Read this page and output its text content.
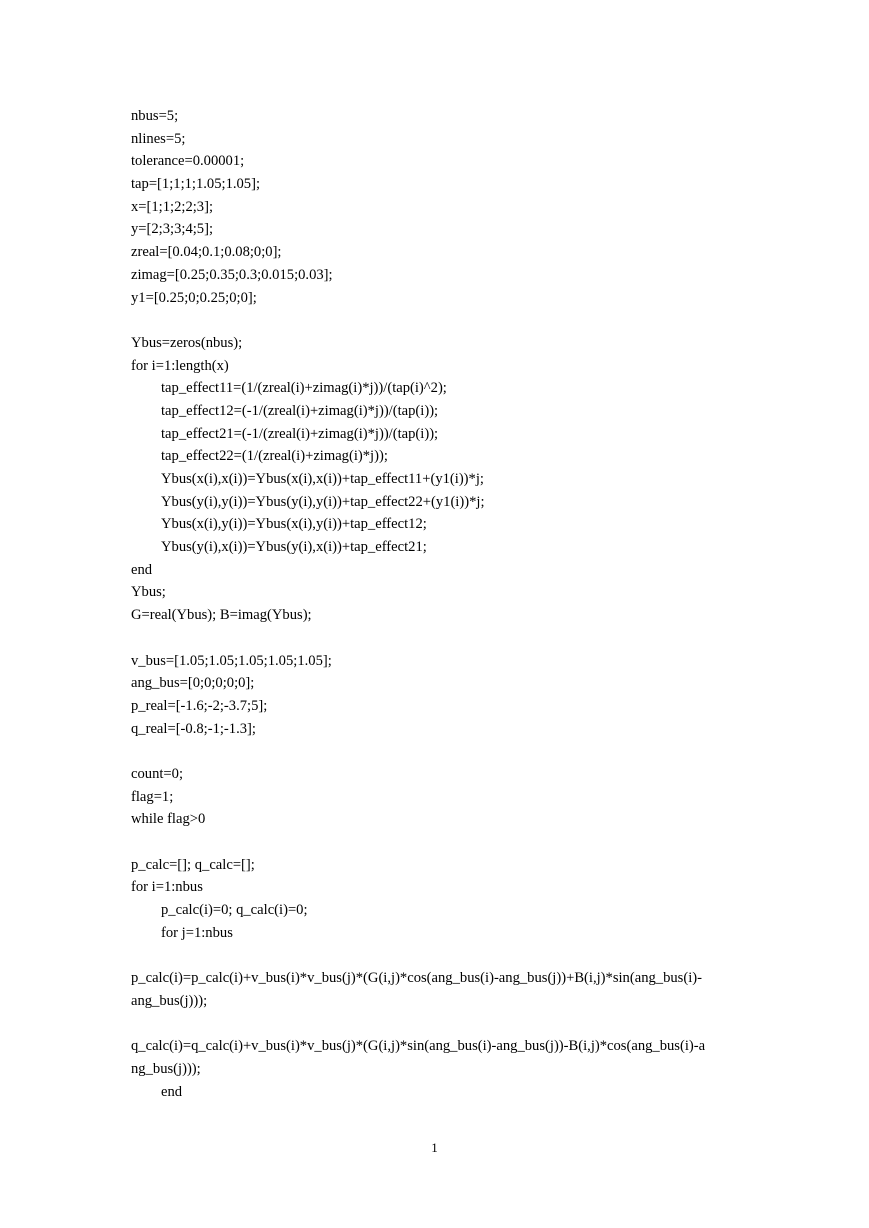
nbus=5;
nlines=5;
tolerance=0.00001;
tap=[1;1;1;1.05;1.05];
x=[1;1;2;2;3];
y=[2;3;3;4;5];
zreal=[0.04;0.1;0.08;0;0];
zimag=[0.25;0.35;0.3;0.015;0.03];
y1=[0.25;0;0.25;0;0];
Ybus=zeros(nbus);
for i=1:length(x)
tap_effect11=(1/(zreal(i)+zimag(i)*j))/(tap(i)^2);
tap_effect12=(-1/(zreal(i)+zimag(i)*j))/(tap(i));
tap_effect21=(-1/(zreal(i)+zimag(i)*j))/(tap(i));
tap_effect22=(1/(zreal(i)+zimag(i)*j));
Ybus(x(i),x(i))=Ybus(x(i),x(i))+tap_effect11+(y1(i))*j;
Ybus(y(i),y(i))=Ybus(y(i),y(i))+tap_effect22+(y1(i))*j;
Ybus(x(i),y(i))=Ybus(x(i),y(i))+tap_effect12;
Ybus(y(i),x(i))=Ybus(y(i),x(i))+tap_effect21;
end
Ybus;
G=real(Ybus); B=imag(Ybus);
v_bus=[1.05;1.05;1.05;1.05;1.05];
ang_bus=[0;0;0;0;0];
p_real=[-1.6;-2;-3.7;5];
q_real=[-0.8;-1;-1.3];
count=0;
flag=1;
while flag>0
p_calc=[]; q_calc=[];
for i=1:nbus
p_calc(i)=0; q_calc(i)=0;
for j=1:nbus
p_calc(i)=p_calc(i)+v_bus(i)*v_bus(j)*(G(i,j)*cos(ang_bus(i)-ang_bus(j))+B(i,j)*sin(ang_bus(i)-
ang_bus(j)));
q_calc(i)=q_calc(i)+v_bus(i)*v_bus(j)*(G(i,j)*sin(ang_bus(i)-ang_bus(j))-B(i,j)*cos(ang_bus(i)-a
ng_bus(j)));
end
1
